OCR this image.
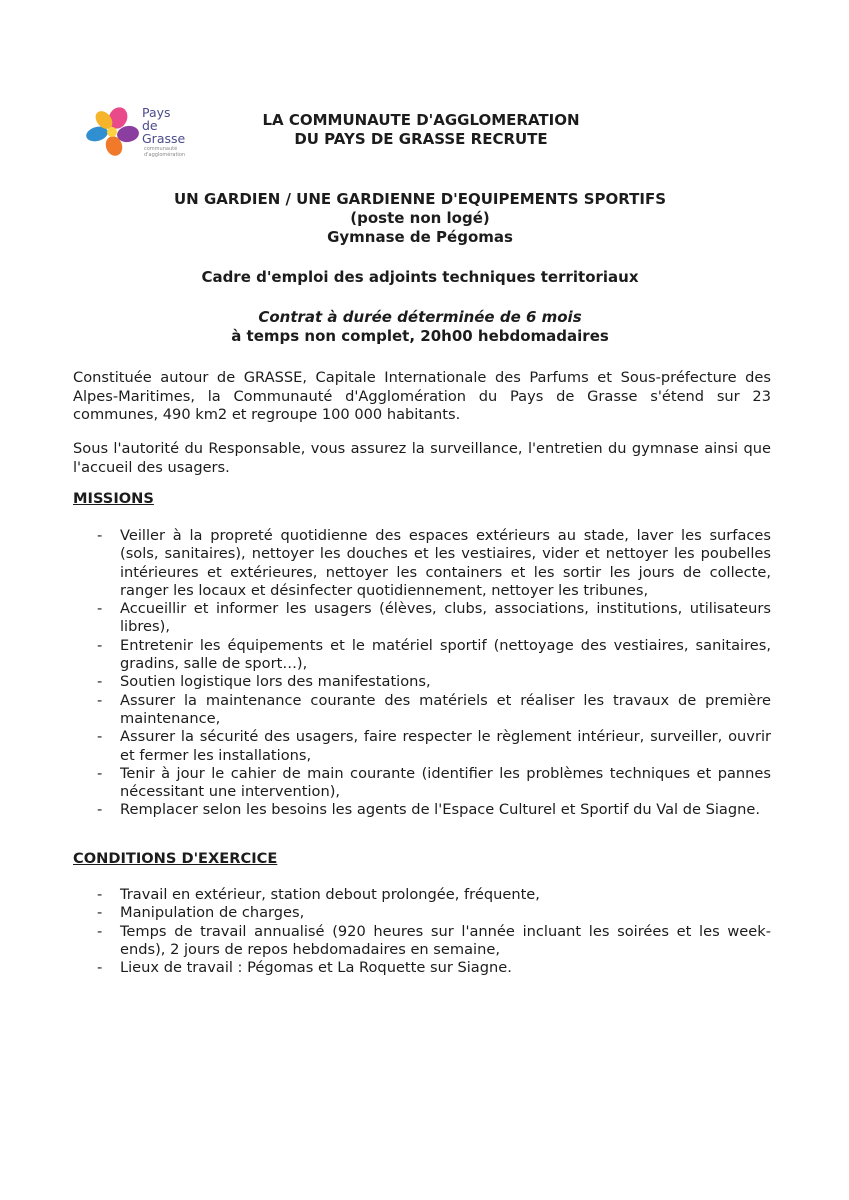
Pays
de
Grasse
communauté d'agglomération
LA COMMUNAUTE D'AGGLOMERATION
DU PAYS DE GRASSE RECRUTE
UN GARDIEN / UNE GARDIENNE D'EQUIPEMENTS SPORTIFS
(poste non logé)
Gymnase de Pégomas
Cadre d'emploi des adjoints techniques territoriaux
Contrat à durée déterminée de 6 mois
à temps non complet, 20h00 hebdomadaires

Constituée autour de GRASSE, Capitale Internationale des Parfums et Sous-préfecture des Alpes-Maritimes, la Communauté d'Agglomération du Pays de Grasse s'étend sur 23 communes, 490 km2 et regroupe 100 000 habitants.

Sous l'autorité du Responsable, vous assurez la surveillance, l'entretien du gymnase ainsi que l'accueil des usagers.

MISSIONS

- Veiller à la propreté quotidienne des espaces extérieurs au stade, laver les surfaces (sols, sanitaires), nettoyer les douches et les vestiaires, vider et nettoyer les poubelles intérieures et extérieures, nettoyer les containers et les sortir les jours de collecte, ranger les locaux et désinfecter quotidiennement, nettoyer les tribunes,
- Accueillir et informer les usagers (élèves, clubs, associations, institutions, utilisateurs libres),
- Entretenir les équipements et le matériel sportif (nettoyage des vestiaires, sanitaires, gradins, salle de sport…),
- Soutien logistique lors des manifestations,
- Assurer la maintenance courante des matériels et réaliser les travaux de première maintenance,
- Assurer la sécurité des usagers, faire respecter le règlement intérieur, surveiller, ouvrir et fermer les installations,
- Tenir à jour le cahier de main courante (identifier les problèmes techniques et pannes nécessitant une intervention),
- Remplacer selon les besoins les agents de l'Espace Culturel et Sportif du Val de Siagne.

CONDITIONS D'EXERCICE

- Travail en extérieur, station debout prolongée, fréquente,
- Manipulation de charges,
- Temps de travail annualisé (920 heures sur l'année incluant les soirées et les week-ends), 2 jours de repos hebdomadaires en semaine,
- Lieux de travail : Pégomas et La Roquette sur Siagne.
